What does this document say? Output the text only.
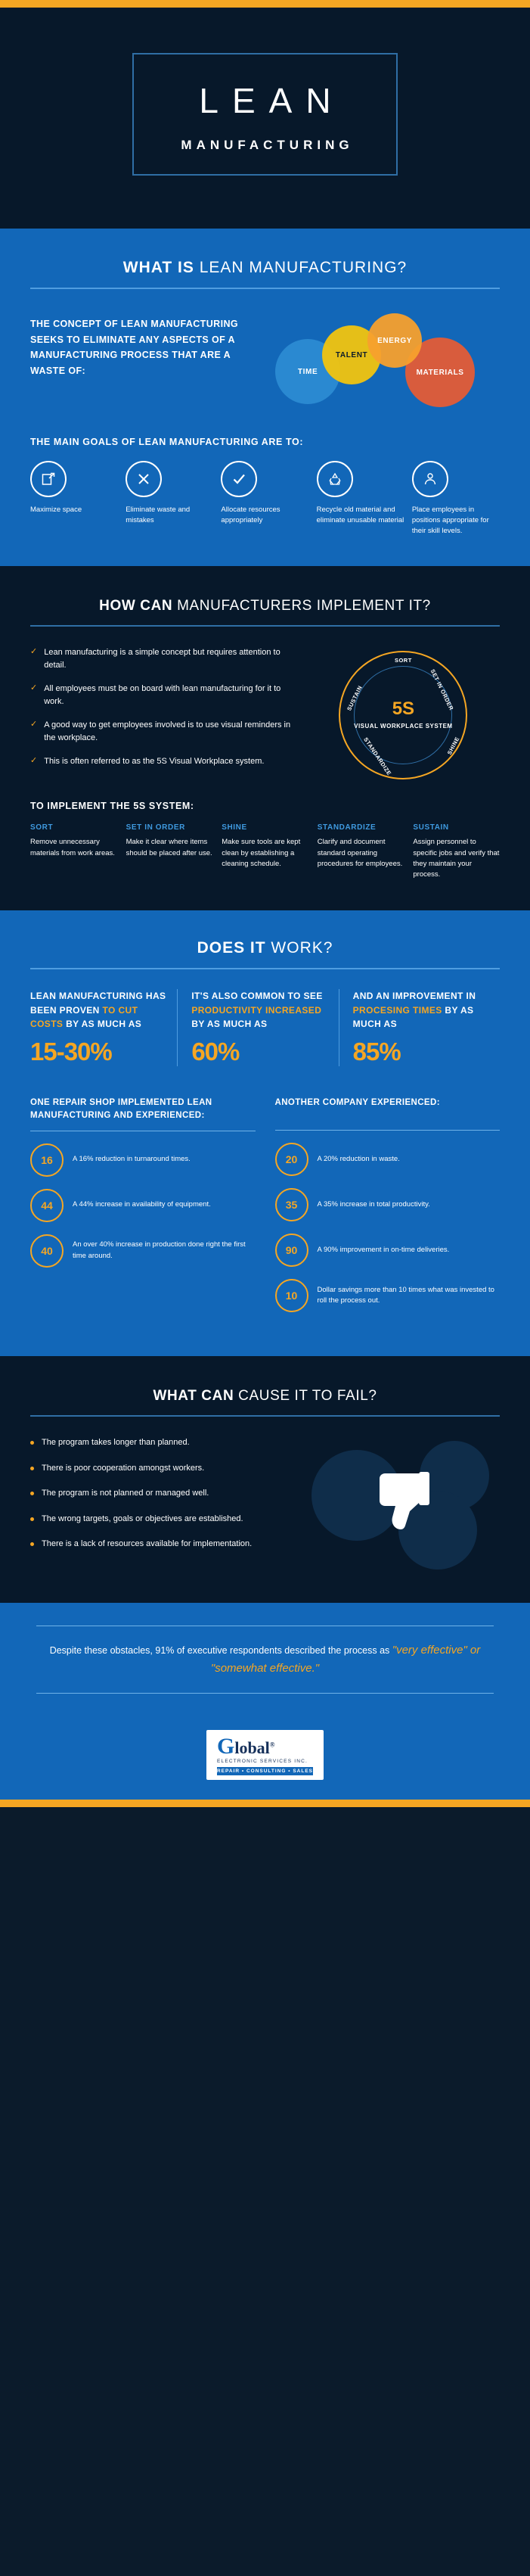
LEAN
MANUFACTURING
WHAT IS LEAN MANUFACTURING?
THE CONCEPT OF LEAN MANUFACTURING SEEKS TO ELIMINATE ANY ASPECTS OF A MANUFACTURING PROCESS THAT ARE A WASTE OF:	TIME	MATERIALS
TALENT
ENERGY
THE MAIN GOALS OF LEAN MANUFACTURING ARE TO:
Maximize space	Eliminate waste and mistakes
Allocate resources appropriately
Recycle old material and eliminate unusable material
Place employees in positions appropriate for their skill levels.
HOW CAN MANUFACTURERS IMPLEMENT IT?
✓ Lean manufacturing is a simple concept but requires attention to detail.
✓ All employees must be on board with lean manufacturing for it to work.
✓ A good way to get employees involved is to use visual reminders in the workplace.
✓ This is often referred to as the 5S Visual Workplace system.
5S
VISUAL WORKPLACE SYSTEM
SORT
SET IN ORDER
SHINE
STANDARDIZE
SUSTAIN
TO IMPLEMENT THE 5S SYSTEM:
SORT
Remove unnecessary materials from work areas.
SET IN ORDER
Make it clear where items should be placed after use.
SHINE
Make sure tools are kept clean by establishing a cleaning schedule.
STANDARDIZE
Clarify and document standard operating procedures for employees.
SUSTAIN
Assign personnel to specific jobs and verify that they maintain your process.
DOES IT WORK?
LEAN MANUFACTURING HAS BEEN PROVEN TO CUT COSTS BY AS MUCH AS
15-30%
IT'S ALSO COMMON TO SEE PRODUCTIVITY INCREASED BY AS MUCH AS
60%
AND AN IMPROVEMENT IN PROCESING TIMES BY AS MUCH AS
85%
ONE REPAIR SHOP IMPLEMENTED LEAN MANUFACTURING AND EXPERIENCED:
16	A 16% reduction in turnaround times.
44	A 44% increase in availability of equipment.
40	An over 40% increase in production done right the first time around.
ANOTHER COMPANY EXPERIENCED:
20	A 20% reduction in waste.
35	A 35% increase in total productivity.
90	A 90% improvement in on-time deliveries.
10	Dollar savings more than 10 times what was invested to roll the process out.
WHAT CAN CAUSE IT TO FAIL?
The program takes longer than planned.
There is poor cooperation amongst workers.
The program is not planned or managed well.
The wrong targets, goals or objectives are established.
There is a lack of resources available for implementation.
Despite these obstacles, 91% of executive respondents described the process as "very effective" or "somewhat effective."
Global®
ELECTRONIC SERVICES INC.
REPAIR • CONSULTING • SALES
